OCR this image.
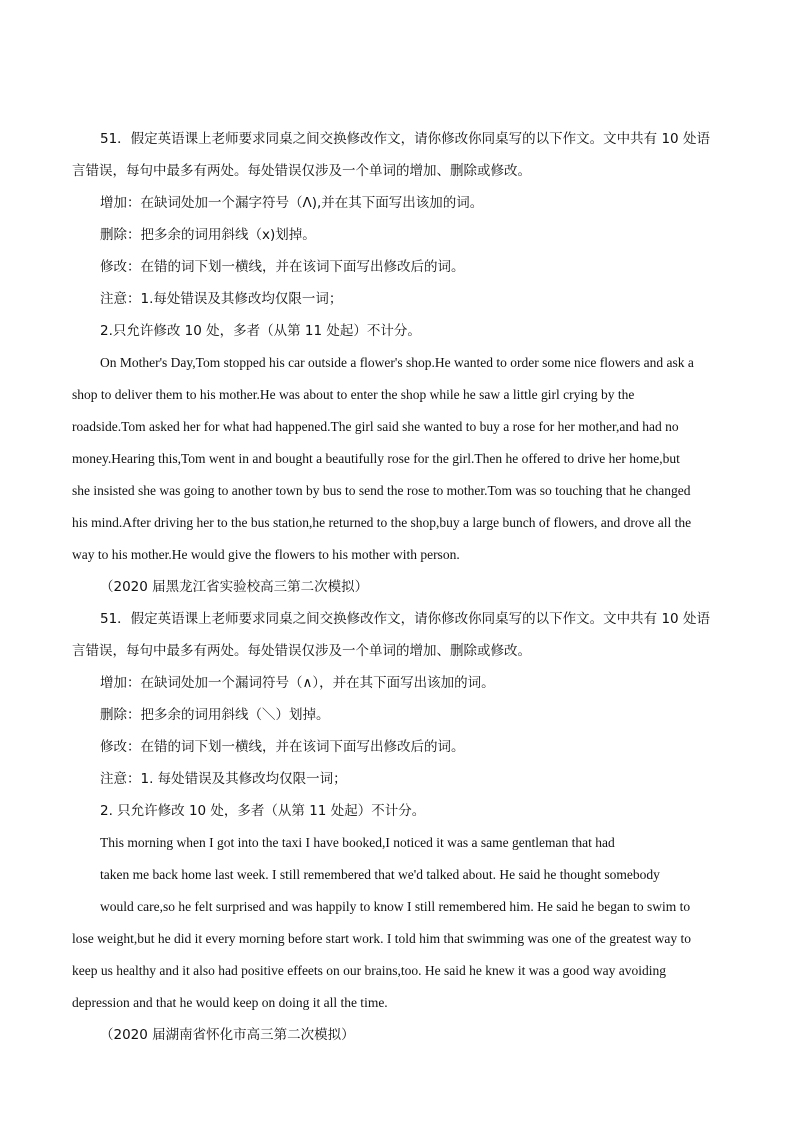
51．假定英语课上老师要求同桌之间交换修改作文，请你修改你同桌写的以下作文。文中共有 10 处语
言错误，每句中最多有两处。每处错误仅涉及一个单词的增加、删除或修改。
增加：在缺词处加一个漏字符号（Λ),并在其下面写出该加的词。
删除：把多余的词用斜线（x)划掉。
修改：在错的词下划一横线，并在该词下面写出修改后的词。
注意：1.每处错误及其修改均仅限一词；
2.只允许修改 10 处，多者（从第 11 处起）不计分。
On Mother's Day,Tom stopped his car outside a flower's shop.He wanted to order some nice flowers and ask a
shop to deliver them to his mother.He was about to enter the shop while he saw a little girl crying by the
roadside.Tom asked her for what had happened.The girl said she wanted to buy a rose for her mother,and had no
money.Hearing this,Tom went in and bought a beautifully rose for the girl.Then he offered to drive her home,but
she insisted she was going to another town by bus to send the rose to mother.Tom was so touching that he changed
his mind.After driving her to the bus station,he returned to the shop,buy a large bunch of flowers, and drove all the
way to his mother.He would give the flowers to his mother with person.
（2020 届黑龙江省实验校高三第二次模拟）
51．假定英语课上老师要求同桌之间交换修改作文，请你修改你同桌写的以下作文。文中共有 10 处语
言错误，每句中最多有两处。每处错误仅涉及一个单词的增加、删除或修改。
增加：在缺词处加一个漏词符号（∧），并在其下面写出该加的词。
删除：把多余的词用斜线（＼）划掉。
修改：在错的词下划一横线，并在该词下面写出修改后的词。
注意：1. 每处错误及其修改均仅限一词；
2. 只允许修改 10 处，多者（从第 11 处起）不计分。
This morning when I got into the taxi I have booked,I noticed it was a same gentleman that had
taken me back home last week. I still remembered that we'd talked about. He said he thought somebody
would care,so he felt surprised and was happily to know I still remembered him. He said he began to swim to
lose weight,but he did it every morning before start work. I told him that swimming was one of the greatest way to
keep us healthy and it also had positive effeets on our brains,too. He said he knew it was a good way avoiding
depression and that he would keep on doing it all the time.
（2020 届湖南省怀化市高三第二次模拟）
